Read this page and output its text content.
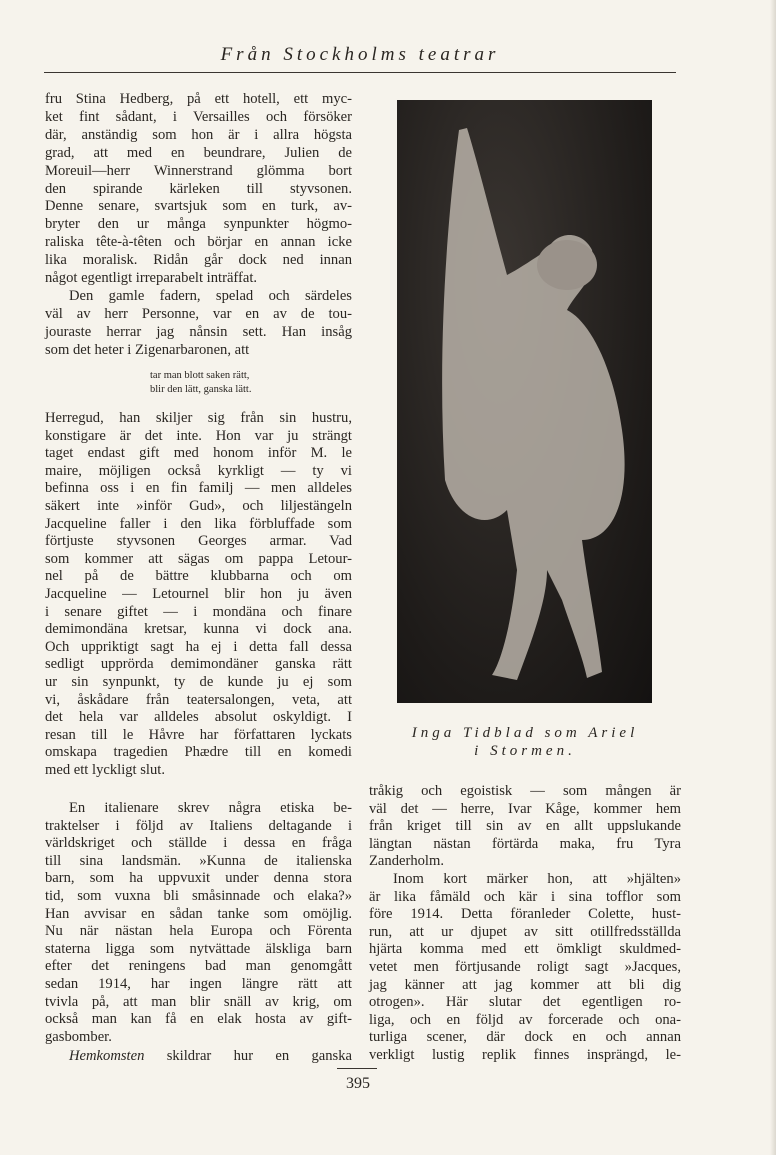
Från Stockholms teatrar
fru Stina Hedberg, på ett hotell, ett myc-
ket fint sådant, i Versailles och försöker
där, anständig som hon är i allra högsta
grad, att med en beundrare, Julien de
Moreuil—herr Winnerstrand glömma bort
den spirande kärleken till styvsonen.
Denne senare, svartsjuk som en turk, av-
bryter den ur många synpunkter högmo-
raliska tête-à-têten och börjar en annan icke
lika moralisk. Ridån går dock ned innan
något egentligt irreparabelt inträffat.
Den gamle fadern, spelad och särdeles
väl av herr Personne, var en av de tou-
jouraste herrar jag nånsin sett. Han insåg
som det heter i Zigenarbaronen, att
tar man blott saken rätt,
blir den lätt, ganska lätt.
Herregud, han skiljer sig från sin hustru,
konstigare är det inte. Hon var ju strängt
taget endast gift med honom inför M. le
maire, möjligen också kyrkligt — ty vi
befinna oss i en fin familj — men alldeles
säkert inte »inför Gud», och liljestängeln
Jacqueline faller i den lika förbluffade som
förtjuste styvsonen Georges armar. Vad
som kommer att sägas om pappa Letour-
nel på de bättre klubbarna och om
Jacqueline — Letournel blir hon ju även
i senare giftet — i mondäna och finare
demimondäna kretsar, kunna vi dock ana.
Och uppriktigt sagt ha ej i detta fall dessa
sedligt upprörda demimondäner ganska rätt
ur sin synpunkt, ty de kunde ju ej som
vi, åskådare från teatersalongen, veta, att
det hela var alldeles absolut oskyldigt. I
resan till le Håvre har författaren lyckats
omskapa tragedien Phædre till en komedi
med ett lyckligt slut.
En italienare skrev några etiska be-
traktelser i följd av Italiens deltagande i
världskriget och ställde i dessa en fråga
till sina landsmän. »Kunna de italienska
barn, som ha uppvuxit under denna stora
tid, som vuxna bli småsinnade och elaka?»
Han avvisar en sådan tanke som omöjlig.
Nu när nästan hela Europa och Förenta
staterna ligga som nytvättade älskliga barn
efter det reningens bad man genomgått
sedan 1914, har ingen längre rätt att
tvivla på, att man blir snäll av krig, om
också man kan få en elak hosta av gift-
gasbomber.
Hemkomsten skildrar hur en ganska
Inga Tidblad som Ariel
i Stormen.
tråkig och egoistisk — som mången är
väl det — herre, Ivar Kåge, kommer hem
från kriget till sin av en allt uppslukande
längtan nästan förtärda maka, fru Tyra
Zanderholm.
Inom kort märker hon, att »hjälten»
är lika fåmäld och kär i sina tofflor som
före 1914. Detta föranleder Colette, hust-
run, att ur djupet av sitt otillfredsställda
hjärta komma med ett ömkligt skuldmed-
vetet men förtjusande roligt sagt »Jacques,
jag känner att jag kommer att bli dig
otrogen». Här slutar det egentligen ro-
liga, och en följd av forcerade och ona-
turliga scener, där dock en och annan
verkligt lustig replik finnes insprängd, le-
395
